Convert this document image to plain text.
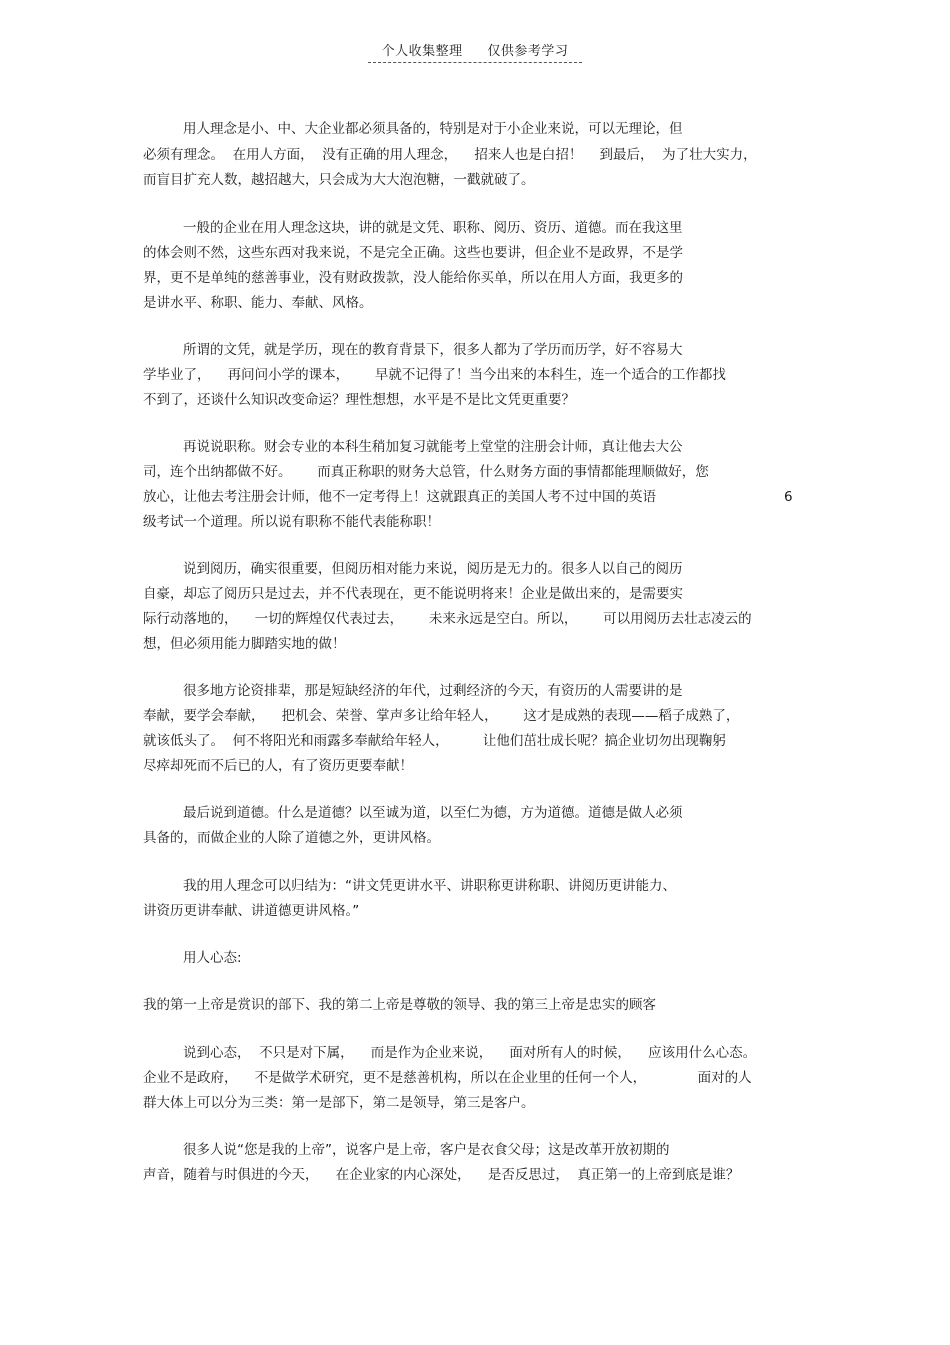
个人收集整理 仅供参考学习
用人理念是小、中、大企业都必须具备的，特别是对于小企业来说，可以无理论，但
必须有理念。  在用人方面，  没有正确的用人理念，    招来人也是白招！    到最后，  为了壮大实力，
而盲目扩充人数，越招越大，只会成为大大泡泡糖，一戳就破了。
一般的企业在用人理念这块，讲的就是文凭、职称、阅历、资历、道德。而在我这里
的体会则不然，这些东西对我来说，不是完全正确。这些也要讲，但企业不是政界，不是学
界，更不是单纯的慈善事业，没有财政拨款，没人能给你买单，所以在用人方面，我更多的
是讲水平、称职、能力、奉献、风格。
所谓的文凭，就是学历，现在的教育背景下，很多人都为了学历而历学，好不容易大
学毕业了，    再问问小学的课本，      早就不记得了！当今出来的本科生，连一个适合的工作都找
不到了，还谈什么知识改变命运？理性想想，水平是不是比文凭更重要？
再说说职称。财会专业的本科生稍加复习就能考上堂堂的注册会计师，真让他去大公
司，连个出纳都做不好。      而真正称职的财务大总管，什么财务方面的事情都能理顺做好，您
放心，让他去考注册会计师，他不一定考得上！这就跟真正的美国人考不过中国的英语
级考试一个道理。所以说有职称不能代表能称职！
说到阅历，确实很重要，但阅历相对能力来说，阅历是无力的。很多人以自己的阅历
自豪，却忘了阅历只是过去，并不代表现在，更不能说明将来！企业是做出来的，是需要实
际行动落地的，    一切的辉煌仅代表过去，      未来永远是空白。所以，      可以用阅历去壮志凌云的
想，但必须用能力脚踏实地的做！
很多地方论资排辈，那是短缺经济的年代，过剩经济的今天，有资历的人需要讲的是
奉献，要学会奉献，    把机会、荣誉、掌声多让给年轻人，      这才是成熟的表现——稻子成熟了，
就该低头了。  何不将阳光和雨露多奉献给年轻人，        让他们茁壮成长呢？搞企业切勿出现鞠躬
尽瘁却死而不后已的人，有了资历更要奉献！
最后说到道德。什么是道德？以至诚为道，以至仁为德，方为道德。道德是做人必须
具备的，而做企业的人除了道德之外，更讲风格。
我的用人理念可以归结为：“讲文凭更讲水平、讲职称更讲称职、讲阅历更讲能力、
讲资历更讲奉献、讲道德更讲风格。”
用人心态:
我的第一上帝是赏识的部下、我的第二上帝是尊敬的领导、我的第三上帝是忠实的顾客
说到心态，  不只是对下属，    而是作为企业来说，    面对所有人的时候，    应该用什么心态。
企业不是政府，    不是做学术研究，更不是慈善机构，所以在企业里的任何一个人，            面对的人
群大体上可以分为三类：第一是部下，第二是领导，第三是客户。
很多人说“您是我的上帝”，说客户是上帝，客户是衣食父母；这是改革开放初期的
声音，随着与时俱进的今天，    在企业家的内心深处，    是否反思过，  真正第一的上帝到底是谁？
6
